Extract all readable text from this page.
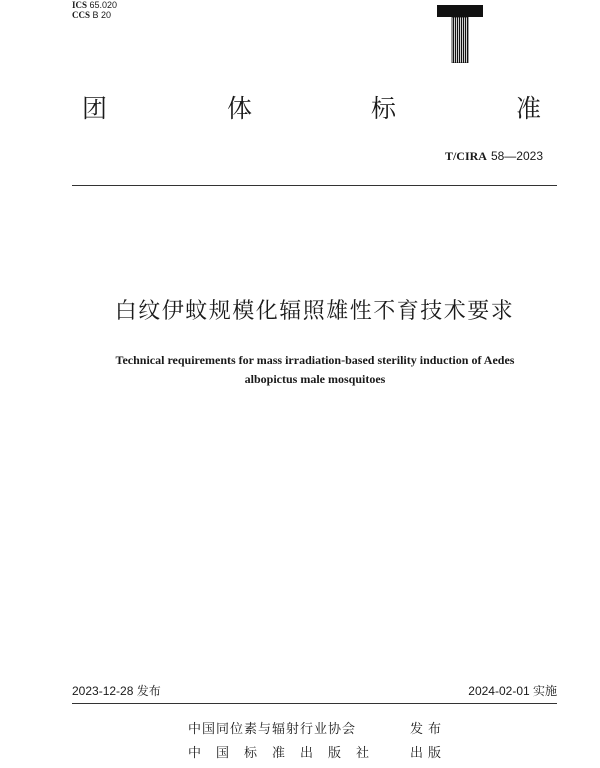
ICS 65.020
CCS B 20
团	体	标	准
T/CIRA 58—2023
白纹伊蚊规模化辐照雄性不育技术要求
Technical requirements for mass irradiation-based sterility induction of Aedes
albopictus male mosquitoes
2023-12-28 发布	2024-02-01 实施
中国同位素与辐射行业协会	发布
中国标准出版社 出版
